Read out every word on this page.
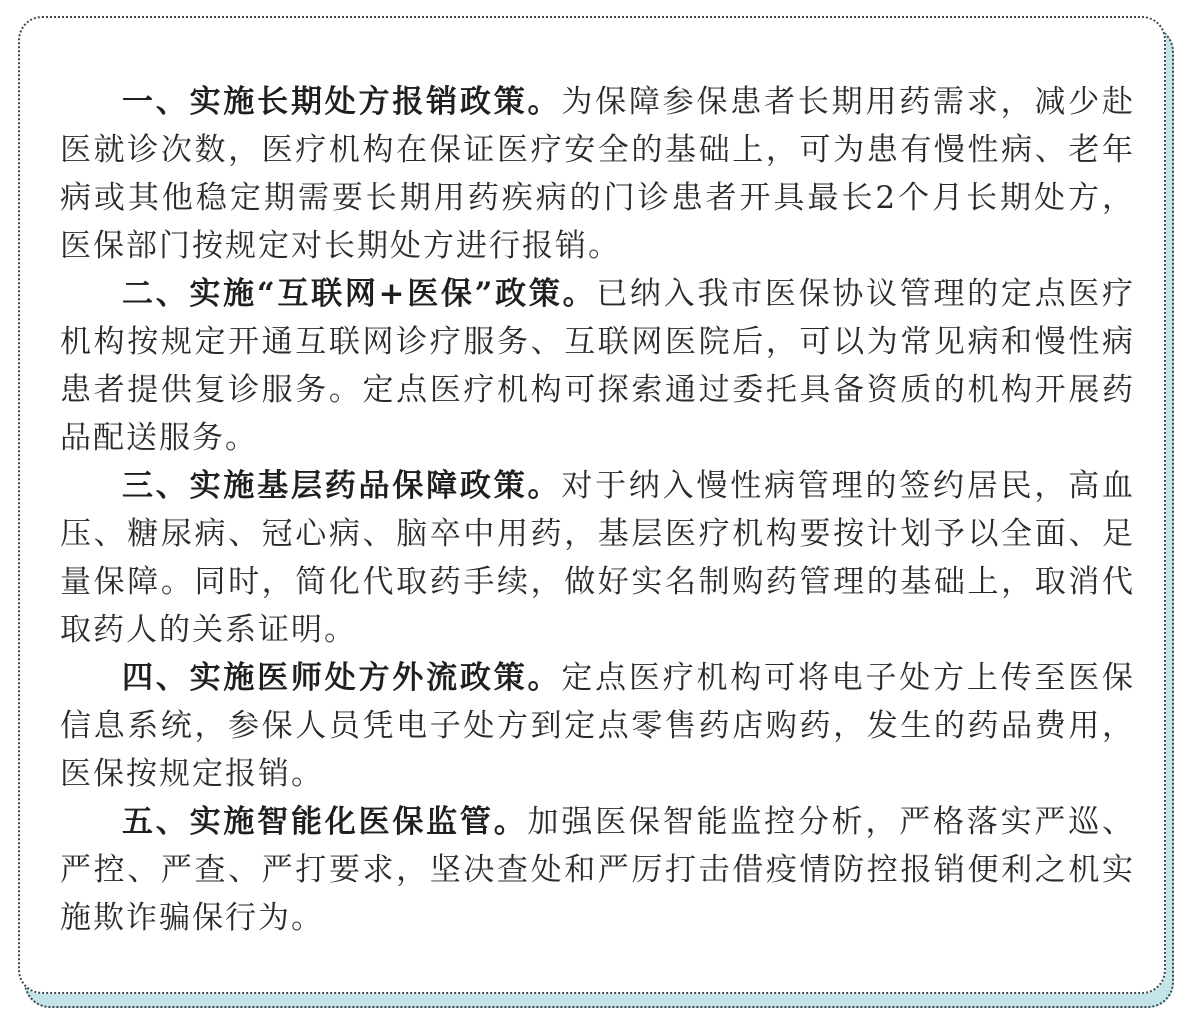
一、实施长期处方报销政策。为保障参保患者长期用药需求，减少赴医就诊次数，医疗机构在保证医疗安全的基础上，可为患有慢性病、老年病或其他稳定期需要长期用药疾病的门诊患者开具最长2个月长期处方，医保部门按规定对长期处方进行报销。

二、实施“互联网+医保”政策。已纳入我市医保协议管理的定点医疗机构按规定开通互联网诊疗服务、互联网医院后，可以为常见病和慢性病患者提供复诊服务。定点医疗机构可探索通过委托具备资质的机构开展药品配送服务。

三、实施基层药品保障政策。对于纳入慢性病管理的签约居民，高血压、糖尿病、冠心病、脑卒中用药，基层医疗机构要按计划予以全面、足量保障。同时，简化代取药手续，做好实名制购药管理的基础上，取消代取药人的关系证明。

四、实施医师处方外流政策。定点医疗机构可将电子处方上传至医保信息系统，参保人员凭电子处方到定点零售药店购药，发生的药品费用，医保按规定报销。

五、实施智能化医保监管。加强医保智能监控分析，严格落实严巡、严控、严查、严打要求，坚决查处和严厉打击借疫情防控报销便利之机实施欺诈骗保行为。
